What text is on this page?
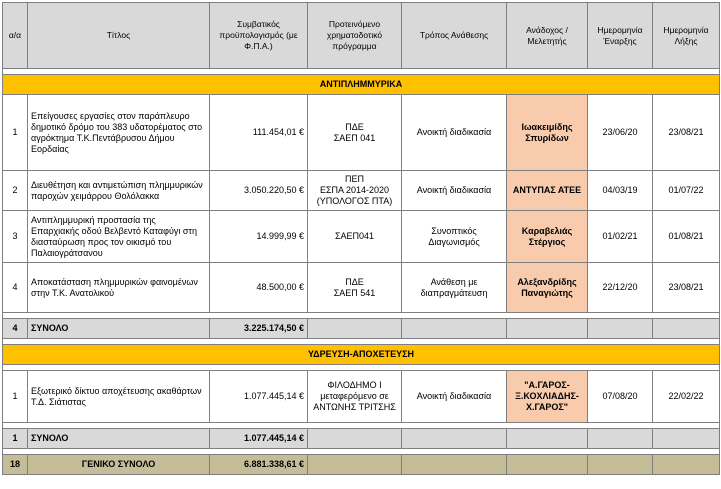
α/α	Τίτλος	Συμβατικός προϋπολογισμός (με Φ.Π.Α.)	Προτεινόμενο χρηματοδοτικό πρόγραμμα	Τρόπος Ανάθεσης	Ανάδοχος / Μελετητής	Ημερομηνία Έναρξης	Ημερομηνία Λήξης

ΑΝΤΙΠΛΗΜΜΥΡΙΚΑ							
1	Επείγουσες εργασίες στον παράπλευρο δημοτικό δρόμο του 383 υδατορέματος στο αγρόκτημα Τ.Κ.Πεντάβρυσου Δήμου Εορδαίας	111.454,01 €	ΠΔΕ
ΣΑΕΠ 041	Ανοικτή διαδικασία	Ιωακειμίδης Σπυρίδων	23/06/20	23/08/21
2	Διευθέτηση και αντιμετώπιση πλημμυρικών παροχών χειμάρρου Θολόλακκα	3.050.220,50 €	ΠΕΠ
ΕΣΠΑ 2014-2020
(ΥΠΟΛΟΓΟΣ ΠΤΑ)	Ανοικτή διαδικασία	ΑΝΤΥΠΑΣ ΑΤΕΕ	04/03/19	01/07/22
3	Αντιπλημμυρική προστασία της Επαρχιακής οδού Βελβεντό Καταφύγι στη διασταύρωση προς τον οικισμό του Παλαιογράτσανου	14.999,99 €	ΣΑΕΠ041	Συνοπτικός
Διαγωνισμός	Καραβελιάς
Στέργιος	01/02/21	01/08/21
4	Αποκατάσταση πλημμυρικών φαινομένων στην Τ.Κ. Ανατολικού	48.500,00 €	ΠΔΕ
ΣΑΕΠ 541	Ανάθεση με
διαπραγμάτευση	Αλεξανδρίδης
Παναγιώτης	22/12/20	23/08/21

4	ΣΥΝΟΛΟ	3.225.174,50 €					

ΥΔΡΕΥΣΗ-ΑΠΟΧΕΤΕΥΣΗ							

1	Εξωτερικό δίκτυο αποχέτευσης ακαθάρτων Τ.Δ. Σιάτιστας	1.077.445,14 €	ΦΙΛΟΔΗΜΟ Ι
μεταφερόμενο σε
ΑΝΤΩΝΗΣ ΤΡΙΤΣΗΣ	Ανοικτή διαδικασία	"Α.ΓΑΡΟΣ-
Ξ.ΚΟΧΛΙΑΔΗΣ-
Χ.ΓΑΡΟΣ"	07/08/20	22/02/22

1	ΣΥΝΟΛΟ	1.077.445,14 €					

18	ΓΕΝΙΚΟ ΣΥΝΟΛΟ	6.881.338,61 €					
